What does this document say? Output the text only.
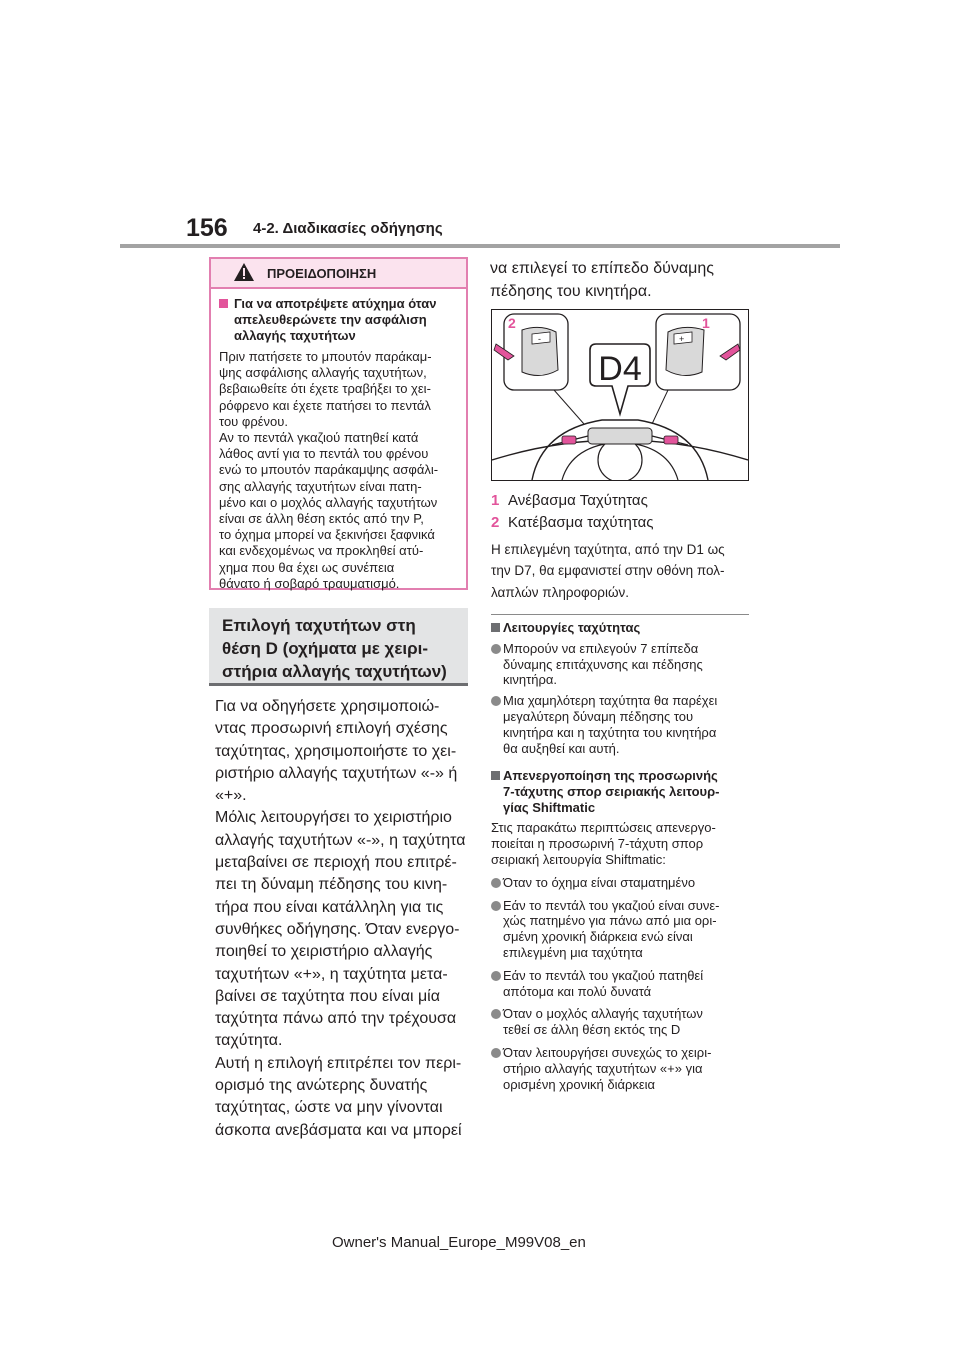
156 4-2. Διαδικασίες οδήγησης
ΠΡΟΕΙΔΟΠΟΙΗΣΗ
Για να αποτρέψετε ατύχημα όταν
απελευθερώνετε την ασφάλιση
αλλαγής ταχυτήτων
Πριν πατήσετε το μπουτόν παράκαμ-
ψης ασφάλισης αλλαγής ταχυτήτων,
βεβαιωθείτε ότι έχετε τραβήξει το χει-
ρόφρενο και έχετε πατήσει το πεντάλ
του φρένου.
Αν το πεντάλ γκαζιού πατηθεί κατά
λάθος αντί για το πεντάλ του φρένου
ενώ το μπουτόν παράκαμψης ασφάλι-
σης αλλαγής ταχυτήτων είναι πατη-
μένο και ο μοχλός αλλαγής ταχυτήτων
είναι σε άλλη θέση εκτός από την P,
το όχημα μπορεί να ξεκινήσει ξαφνικά
και ενδεχομένως να προκληθεί ατύ-
χημα που θα έχει ως συνέπεια
θάνατο ή σοβαρό τραυματισμό.
Επιλογή ταχυτήτων στη
θέση D (οχήματα με χειρι-
στήρια αλλαγής ταχυτήτων)
Για να οδηγήσετε χρησιμοποιώ-
ντας προσωρινή επιλογή σχέσης
ταχύτητας, χρησιμοποιήστε το χει-
ριστήριο αλλαγής ταχυτήτων «-» ή
«+».
Μόλις λειτουργήσει το χειριστήριο
αλλαγής ταχυτήτων «-», η ταχύτητα
μεταβαίνει σε περιοχή που επιτρέ-
πει τη δύναμη πέδησης του κινη-
τήρα που είναι κατάλληλη για τις
συνθήκες οδήγησης. Όταν ενεργο-
ποιηθεί το χειριστήριο αλλαγής
ταχυτήτων «+», η ταχύτητα μετα-
βαίνει σε ταχύτητα που είναι μία
ταχύτητα πάνω από την τρέχουσα
ταχύτητα.
Αυτή η επιλογή επιτρέπει τον περι-
ορισμό της ανώτερης δυνατής
ταχύτητας, ώστε να μην γίνονται
άσκοπα ανεβάσματα και να μπορεί
να επιλεγεί το επίπεδο δύναμης
πέδησης του κινητήρα.
-
2
+
1
D4
1 Ανέβασμα Ταχύτητας
2 Κατέβασμα ταχύτητας
Η επιλεγμένη ταχύτητα, από την D1 ως
την D7, θα εμφανιστεί στην οθόνη πολ-
λαπλών πληροφοριών.
Λειτουργίες ταχύτητας
Μπορούν να επιλεγούν 7 επίπεδα
δύναμης επιτάχυνσης και πέδησης
κινητήρα.
Μια χαμηλότερη ταχύτητα θα παρέχει
μεγαλύτερη δύναμη πέδησης του
κινητήρα και η ταχύτητα του κινητήρα
θα αυξηθεί και αυτή.
Απενεργοποίηση της προσωρινής
7-τάχυτης σπορ σειριακής λειτουρ-
γίας Shiftmatic
Στις παρακάτω περιπτώσεις απενεργο-
ποιείται η προσωρινή 7-τάχυτη σπορ
σειριακή λειτουργία Shiftmatic:
Όταν το όχημα είναι σταματημένο
Εάν το πεντάλ του γκαζιού είναι συνε-
χώς πατημένο για πάνω από μια ορι-
σμένη χρονική διάρκεια ενώ είναι
επιλεγμένη μια ταχύτητα
Εάν το πεντάλ του γκαζιού πατηθεί
απότομα και πολύ δυνατά
Όταν ο μοχλός αλλαγής ταχυτήτων
τεθεί σε άλλη θέση εκτός της D
Όταν λειτουργήσει συνεχώς το χειρι-
στήριο αλλαγής ταχυτήτων «+» για
ορισμένη χρονική διάρκεια
Owner's Manual_Europe_M99V08_en
